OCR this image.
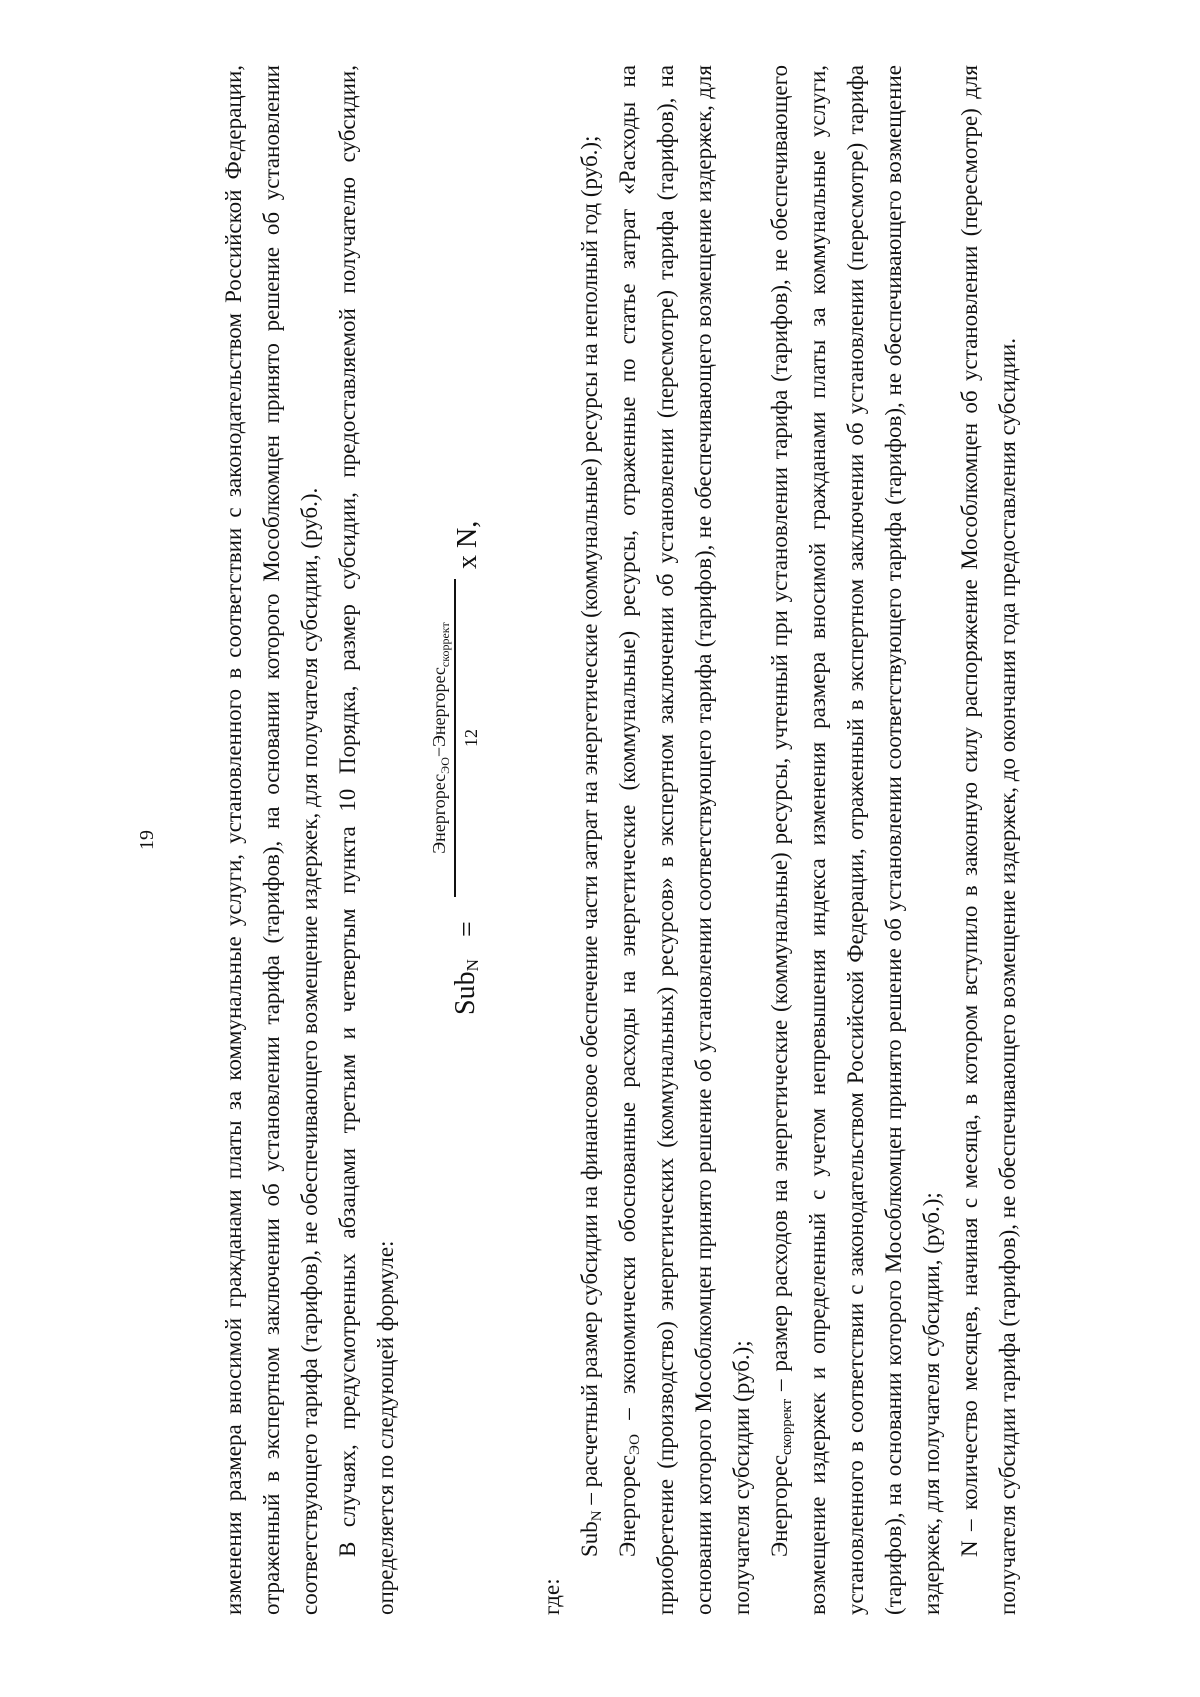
19	изменения размера вносимой гражданами платы за коммунальные услуги, установленного в соответствии с законодательством Российской Федерации, отраженный в экспертном заключении об установлении тарифа (тарифов), на основании которого Мособлкомцен принято решение об установлении соответствующего тарифа (тарифов), не обеспечивающего возмещение издержек, для получателя субсидии, (руб.). В случаях, предусмотренных абзацами третьим и четвертым пункта 10 Порядка, размер субсидии, предоставляемой получателю субсидии, определяется по следующей формуле:

Sub$_N$
=
Энергорес$_{ЭО}$−Энергорес$_{скоррект}$
12
x N,

где:

Sub$_N$ – расчетный размер субсидии на финансовое обеспечение части затрат на энергетические (коммунальные) ресурсы на неполный год (руб.); Энергорес$_{ЭО}$ – экономически обоснованные расходы на энергетические (коммунальные) ресурсы, отраженные по статье затрат «Расходы на приобретение (производство) энергетических (коммунальных) ресурсов» в экспертном заключении об установлении (пересмотре) тарифа (тарифов), на основании которого Мособлкомцен принято решение об установлении соответствующего тарифа (тарифов), не обеспечивающего возмещение издержек, для получателя субсидии (руб.); Энергорес$_{скоррект}$ – размер расходов на энергетические (коммунальные) ресурсы, учтенный при установлении тарифа (тарифов), не обеспечивающего возмещение издержек и определенный с учетом непревышения индекса изменения размера вносимой гражданами платы за коммунальные услуги, установленного в соответствии с законодательством Российской Федерации, отраженный в экспертном заключении об установлении (пересмотре) тарифа (тарифов), на основании которого Мособлкомцен принято решение об установлении соответствующего тарифа (тарифов), не обеспечивающего возмещение издержек, для получателя субсидии, (руб.); N – количество месяцев, начиная с месяца, в котором вступило в законную силу распоряжение Мособлкомцен об установлении (пересмотре) для получателя субсидии тарифа (тарифов), не обеспечивающего возмещение издержек, до окончания года предоставления субсидии.
